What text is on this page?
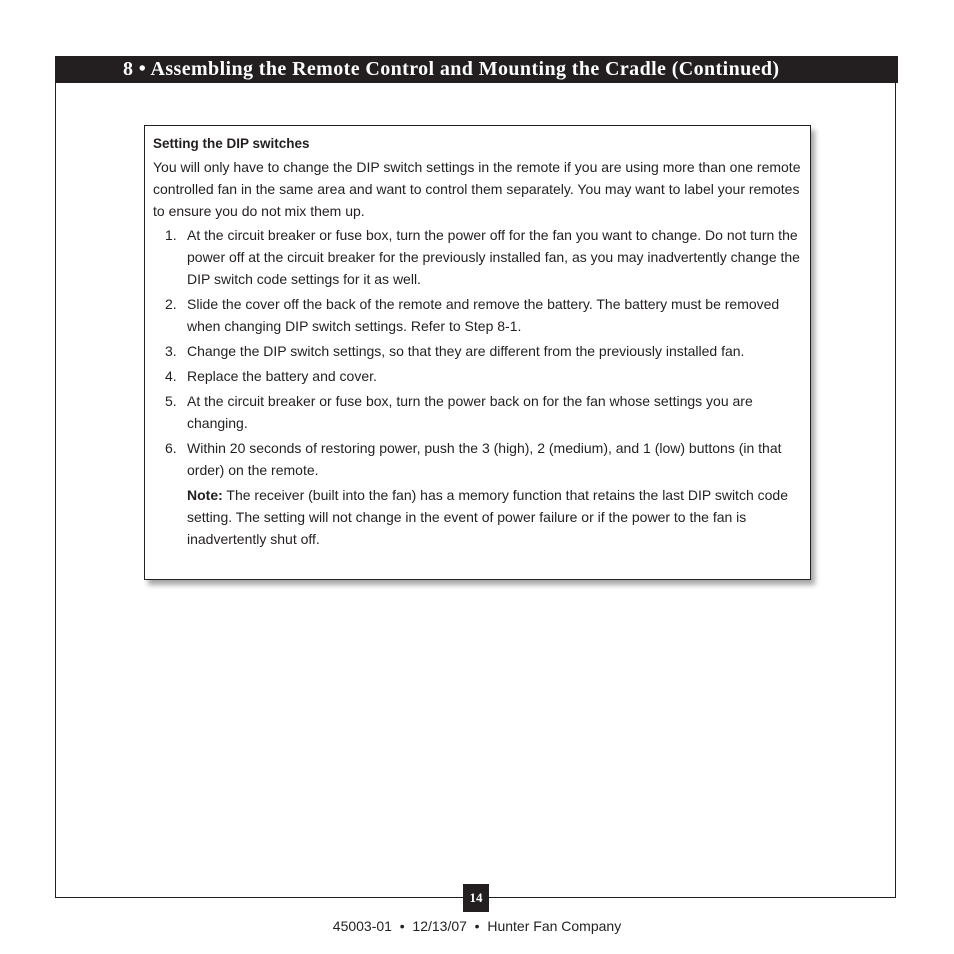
8 • Assembling the Remote Control and Mounting the Cradle (Continued)
Setting the DIP switches

You will only have to change the DIP switch settings in the remote if you are using more than one remote controlled fan in the same area and want to control them separately. You may want to label your remotes to ensure you do not mix them up.

1. At the circuit breaker or fuse box, turn the power off for the fan you want to change. Do not turn the power off at the circuit breaker for the previously installed fan, as you may inadvertently change the DIP switch code settings for it as well.
2. Slide the cover off the back of the remote and remove the battery. The battery must be removed when changing DIP switch settings. Refer to Step 8-1.
3. Change the DIP switch settings, so that they are different from the previously installed fan.
4. Replace the battery and cover.
5. At the circuit breaker or fuse box, turn the power back on for the fan whose settings you are changing.
6. Within 20 seconds of restoring power, push the 3 (high), 2 (medium), and 1 (low) buttons (in that order) on the remote.
Note: The receiver (built into the fan) has a memory function that retains the last DIP switch code setting. The setting will not change in the event of power failure or if the power to the fan is inadvertently shut off.
14
45003-01  •  12/13/07  •  Hunter Fan Company
